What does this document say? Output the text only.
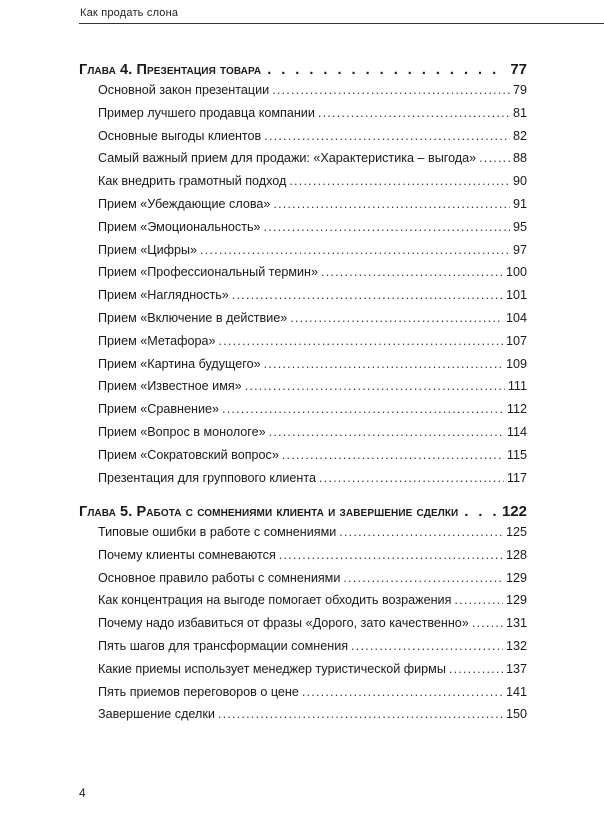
Как продать слона
Глава 4. Презентация товара . . .	77
Основной закон презентации .....	79
Пример лучшего продавца компании .....	81
Основные выгоды клиентов .....	82
Самый важный прием для продажи: «Характеристика – выгода» .....	88
Как внедрить грамотный подход .....	90
Прием «Убеждающие слова» .....	91
Прием «Эмоциональность» .....	95
Прием «Цифры» .....	97
Прием «Профессиональный термин» .....	100
Прием «Наглядность» .....	101
Прием «Включение в действие» .....	104
Прием «Метафора» .....	107
Прием «Картина будущего» .....	109
Прием «Известное имя» .....	111
Прием «Сравнение» .....	112
Прием «Вопрос в монологе» .....	114
Прием «Сократовский вопрос» .....	115
Презентация для группового клиента .....	117
Глава 5. Работа с сомнениями клиента и завершение сделки . . .	122
Типовые ошибки в работе с сомнениями .....	125
Почему клиенты сомневаются .....	128
Основное правило работы с сомнениями .....	129
Как концентрация на выгоде помогает обходить возражения .....	129
Почему надо избавиться от фразы «Дорого, зато качественно» .....	131
Пять шагов для трансформации сомнения .....	132
Какие приемы использует менеджер туристической фирмы .....	137
Пять приемов переговоров о цене .....	141
Завершение сделки .....	150
4
